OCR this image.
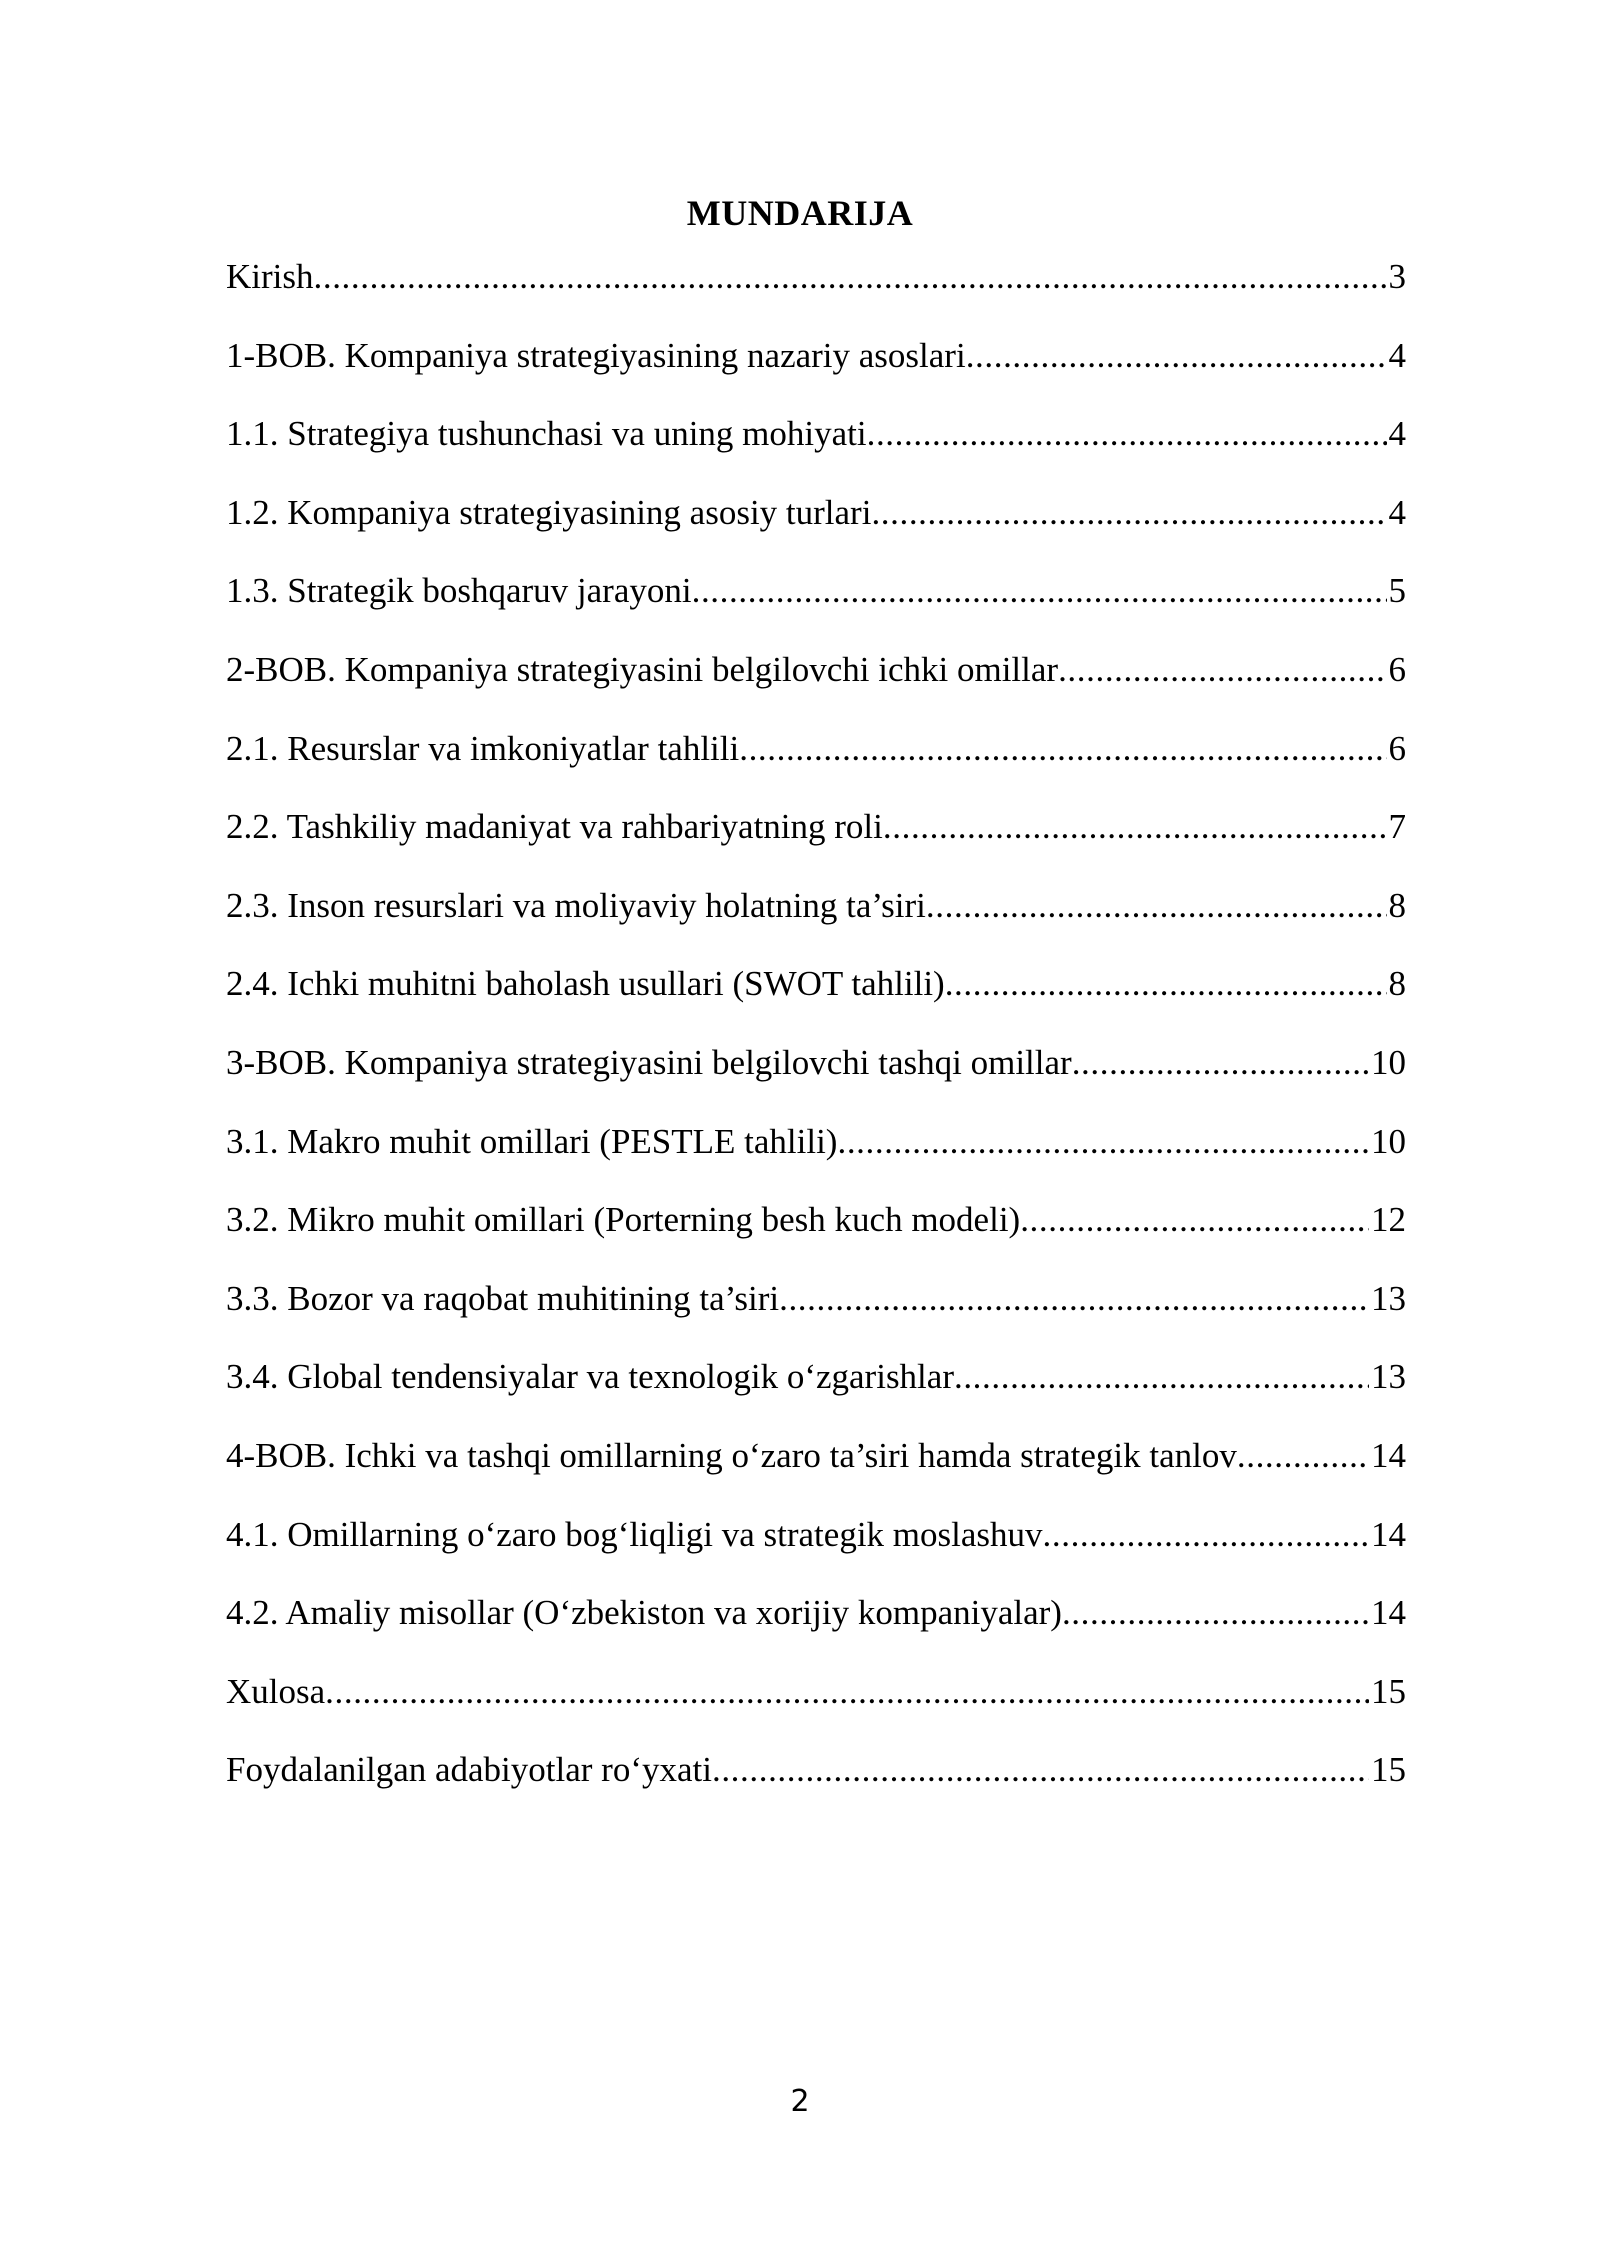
MUNDARIJA
Kirish .....	3
1-BOB. Kompaniya strategiyasining nazariy asoslari .....	4
1.1. Strategiya tushunchasi va uning mohiyati .....	4
1.2. Kompaniya strategiyasining asosiy turlari .....	4
1.3. Strategik boshqaruv jarayoni .....	5
2-BOB. Kompaniya strategiyasini belgilovchi ichki omillar .....	6
2.1. Resurslar va imkoniyatlar tahlili .....	6
2.2. Tashkiliy madaniyat va rahbariyatning roli .....	7
2.3. Inson resurslari va moliyaviy holatning ta’siri .....	8
2.4. Ichki muhitni baholash usullari (SWOT tahlili) .....	8
3-BOB. Kompaniya strategiyasini belgilovchi tashqi omillar .....	10
3.1. Makro muhit omillari (PESTLE tahlili) .....	10
3.2. Mikro muhit omillari (Porterning besh kuch modeli) .....	12
3.3. Bozor va raqobat muhitining ta’siri .....	13
3.4. Global tendensiyalar va texnologik o‘zgarishlar .....	13
4-BOB. Ichki va tashqi omillarning o‘zaro ta’siri hamda strategik tanlov .....	14
4.1. Omillarning o‘zaro bog‘liqligi va strategik moslashuv .....	14
4.2. Amaliy misollar (O‘zbekiston va xorijiy kompaniyalar) .....	14
Xulosa .....	15
Foydalanilgan adabiyotlar ro‘yxati .....	15
2
